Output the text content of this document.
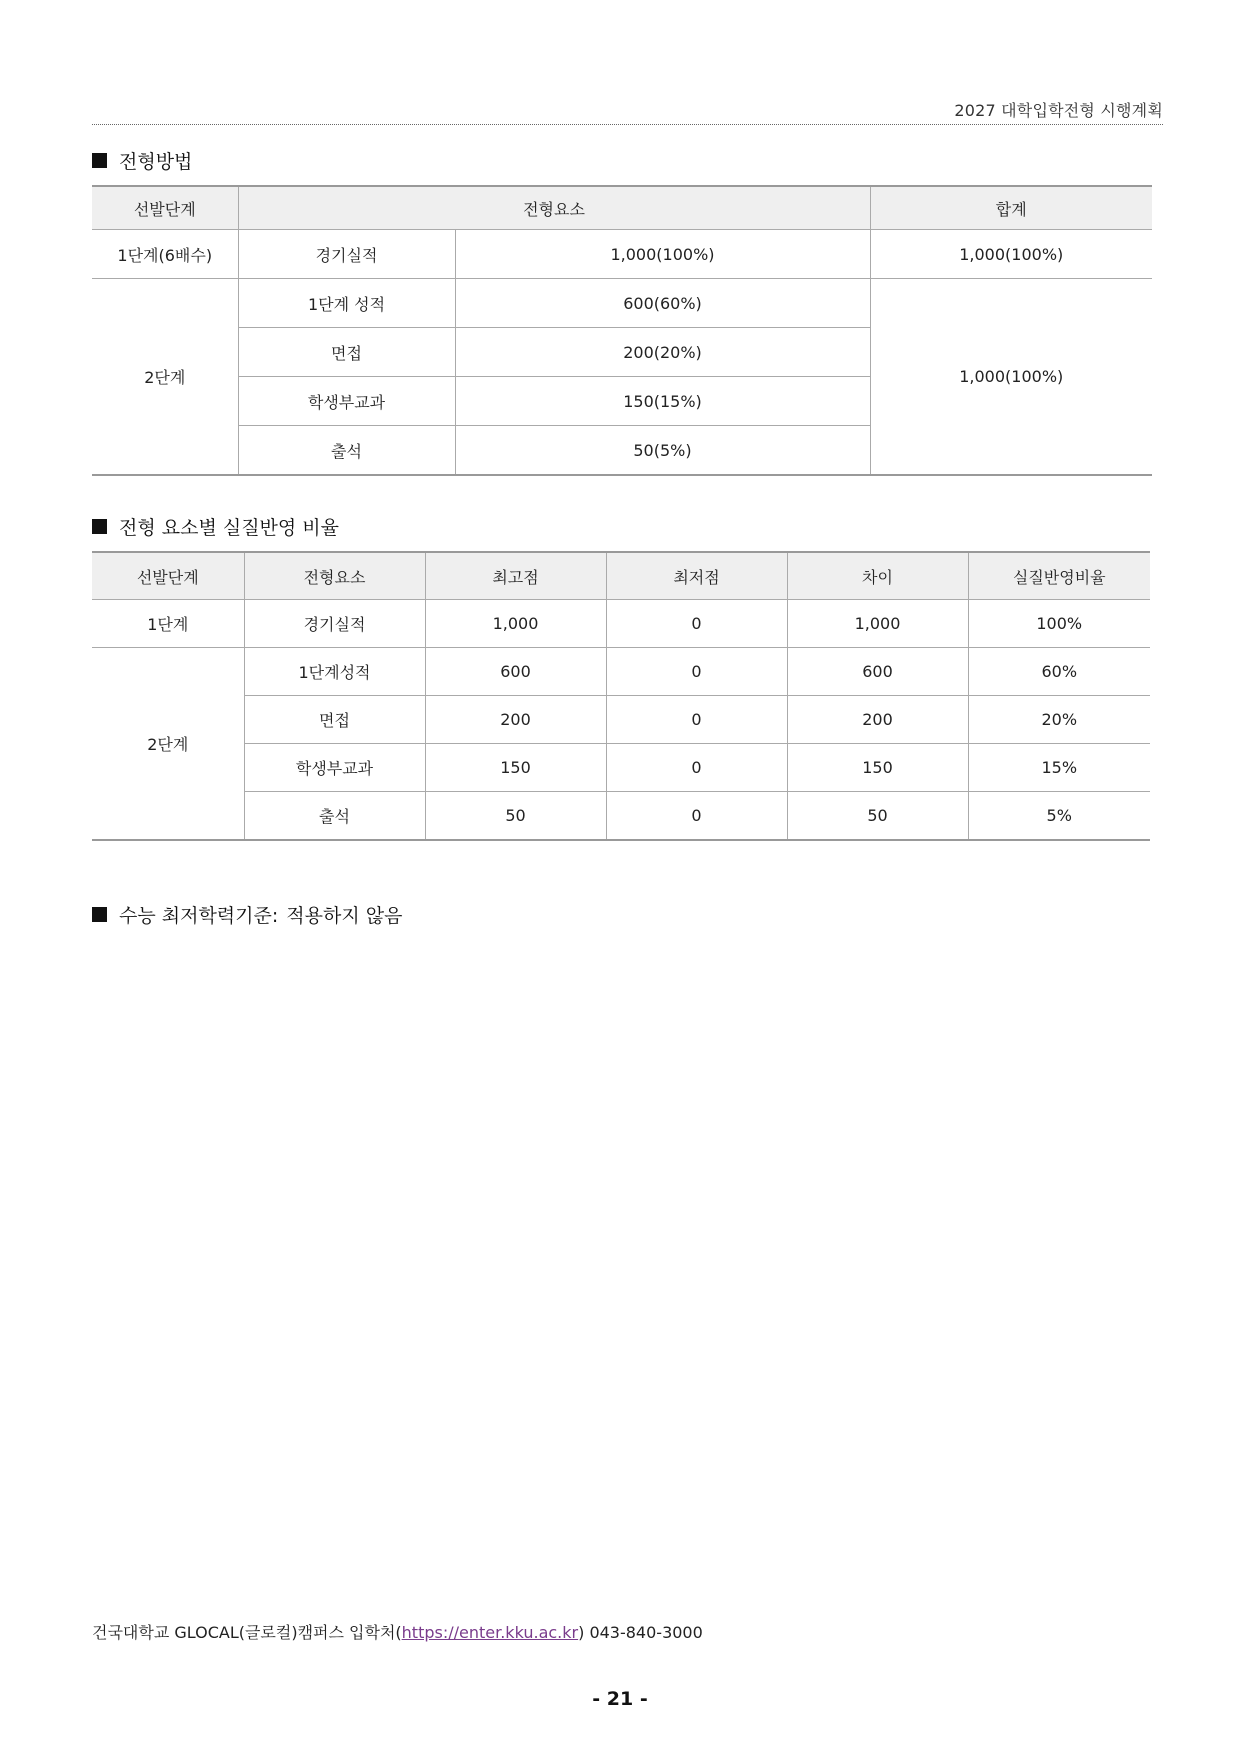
2027 대학입학전형 시행계획
전형방법
선발단계	전형요소		합계
1단계(6배수)	경기실적	1,000(100%)	1,000(100%)
2단계	1단계 성적	600(60%)	1,000(100%)
	면접	200(20%)	
	학생부교과	150(15%)	
	출석	50(5%)	
전형 요소별 실질반영 비율
선발단계	전형요소	최고점	최저점	차이	실질반영비율
1단계	경기실적	1,000	0	1,000	100%
2단계	1단계성적	600	0	600	60%
	면접	200	0	200	20%
	학생부교과	150	0	150	15%
	출석	50	0	50	5%
수능 최저학력기준: 적용하지 않음
건국대학교 GLOCAL(글로컬)캠퍼스 입학처(https://enter.kku.ac.kr) 043-840-3000
- 21 -
